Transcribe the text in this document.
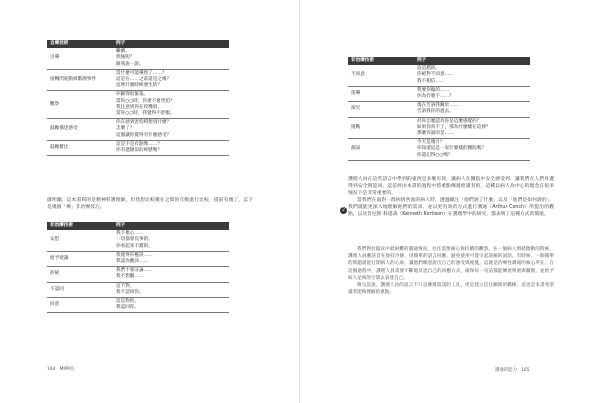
自療技術	例子
引導	繼續。
然後呢？
跟我說一說。

接轉閃底動與數理事件	當什麼可能導致了……？
這是在……之前還是之後？
這裡什麼時候發生的？

觀察	你顯得很緊張。
當你○○時，你會不會害怕？
我注意到你在咬嘴唇。
當你○○時，我覺得不舒服。

鼓勵描述感受	你在感到害怕時想到什麼？
怎麼了？
這個讓你覺得有什麼感受？

鼓勵釐比	這是不是有點像……？
你有過類似的經歷嗎？

啟明團，這本書寫的是精神科護理師，但我想比較聚在之間的互動進行比較，提前有幾了，以下是幾個「療」非治療技巧。

非治療技術	例子
安慰	我不擔心……
一切都會沒事的。
你看起來不錯的。

給予建議	我覺得你應該……
我認為應該……

拒絕	我們不要討論……
我不想聽……

不認同	這不對。
我不認同你。

同意	這是對的。
我認同你。
164 MIPRO
非治療技術	例子
不同意	這是錯的。
你絕對不同意……
我不相信……

指導	我要你做的……
你為什麼不……？

探究	現在告訴我關於……
告訴我你的過去。

挑戰	但你怎麼認為你是這麼感覺的？
如果你真不了，那為什麼總在這裡？
那麼你說的是……

測試	今天是幾月？
你知道這是一家什麼樣的醫院嗎？
你還記得○○嗎？

護理人員在這些語言中學到的東西是多麼有效，讓病人在醫院中安全感受到、讓我們在人們身邊得到安全與認同，這是經由本書的過程中將重點傳遞給讀者的，這種以病人為中心的理念在很多情況下是非常重要的。

當我們在面對一群病情各異的病人時，透過關注「他們說了什麼」以及「他們是如何說的」，我們就能更深入地理解他們的需求，並以更有效的方式進行溝通（Arthur Conch）所提出的觀點，以及肯尼斯‧科提森（Kenneth Kortison）在護理學中的研究，都表明了這種方式的價值。

我們對於臨床中最困難的溝通情況，往往需要耐心與持續的觀察。在一個病人情緒激動的時候，護理人員應該首先保持冷靜，用簡單的語言回應，避免使用可能引起誤解的詞語。有時候，一個簡單的問題就能打開病人的心扉，讓他們願意說出自己的感受與擔憂，這就是治療性溝通的核心所在。在這個過程中，護理人員需要不斷地反思自己的回應方式，確保每一句話都能傳達尊重與關懷，並給予病人足夠的空間去表達自己。

換句話說，護理人員的語言不只是傳遞資訊的工具，更是建立信任關係的橋樑，這也是本書希望讀者能夠理解的重點。

溝通的能力 165
2
